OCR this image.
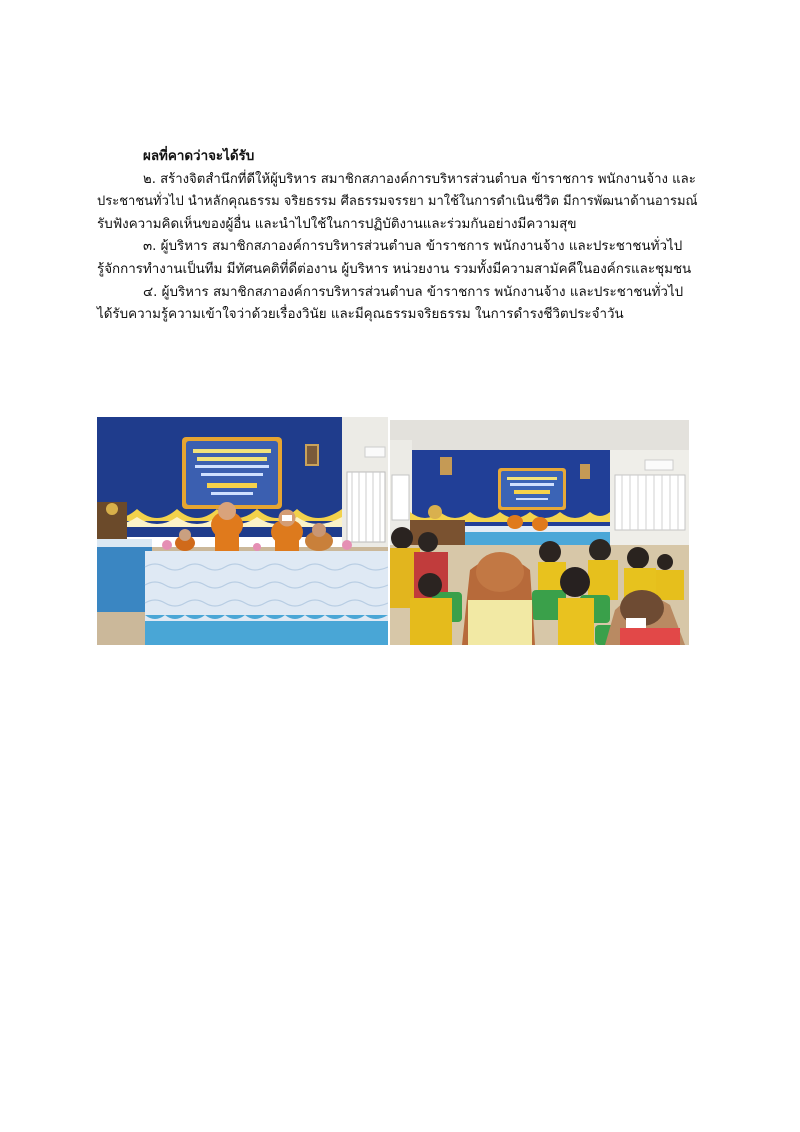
ผลที่คาดว่าจะได้รับ
๒. สร้างจิตสำนึกที่ดีให้ผู้บริหาร สมาชิกสภาองค์การบริหารส่วนตำบล ข้าราชการ พนักงานจ้าง และ
ประชาชนทั่วไป นำหลักคุณธรรม จริยธรรม ศีลธรรมจรรยา มาใช้ในการดำเนินชีวิต มีการพัฒนาด้านอารมณ์
รับฟังความคิดเห็นของผู้อื่น และนำไปใช้ในการปฏิบัติงานและร่วมกันอย่างมีความสุข
๓. ผู้บริหาร สมาชิกสภาองค์การบริหารส่วนตำบล ข้าราชการ พนักงานจ้าง และประชาชนทั่วไป
รู้จักการทำงานเป็นทีม มีทัศนคติที่ดีต่องาน ผู้บริหาร หน่วยงาน รวมทั้งมีความสามัคคีในองค์กรและชุมชน
๔. ผู้บริหาร สมาชิกสภาองค์การบริหารส่วนตำบล ข้าราชการ พนักงานจ้าง และประชาชนทั่วไป
ได้รับความรู้ความเข้าใจว่าด้วยเรื่องวินัย และมีคุณธรรมจริยธรรม ในการดำรงชีวิตประจำวัน
